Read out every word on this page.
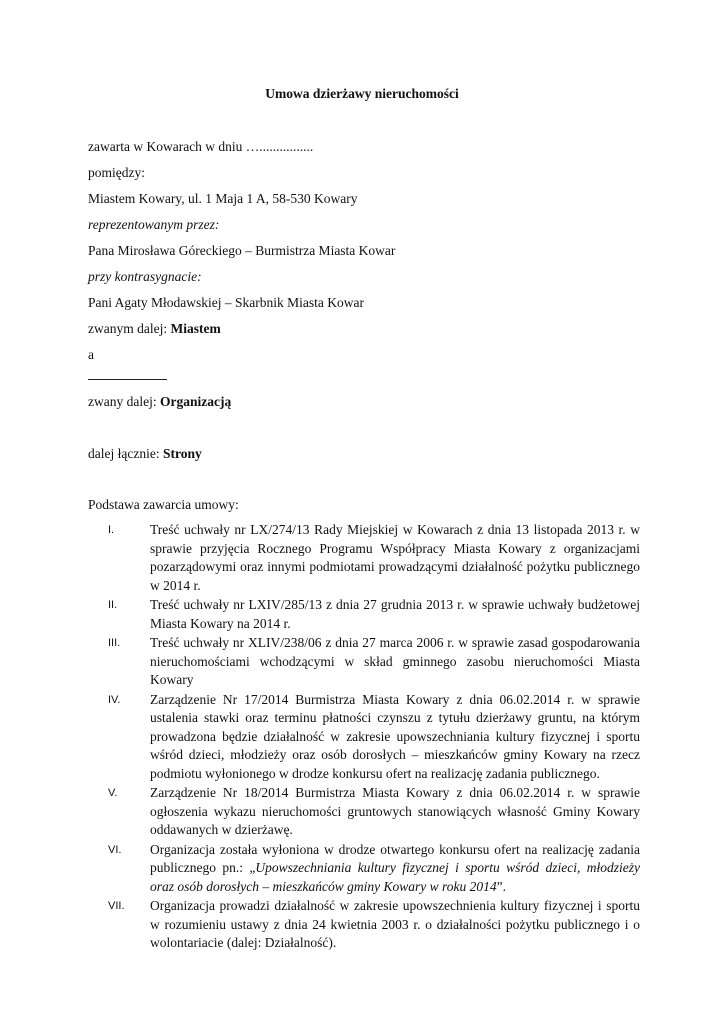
Umowa dzierżawy nieruchomości
zawarta w Kowarach w dniu …................
pomiędzy:
Miastem Kowary, ul. 1 Maja 1 A, 58-530 Kowary
reprezentowanym przez:
Pana Mirosława Góreckiego – Burmistrza Miasta Kowar
przy kontrasygnacie:
Pani Agaty Młodawskiej – Skarbnik Miasta Kowar
zwanym dalej: Miastem
a
zwany dalej: Organizacją
dalej łącznie: Strony
Podstawa zawarcia umowy:
I.	Treść uchwały nr LX/274/13 Rady Miejskiej w Kowarach z dnia 13 listopada 2013 r. w sprawie przyjęcia Rocznego Programu Współpracy Miasta Kowary z organizacjami pozarządowymi oraz innymi podmiotami prowadzącymi działalność pożytku publicznego w 2014 r.
II. Treść uchwały nr LXIV/285/13 z dnia 27 grudnia 2013 r. w sprawie uchwały budżetowej Miasta Kowary na 2014 r.
III. Treść uchwały nr XLIV/238/06 z dnia 27 marca 2006 r. w sprawie zasad gospodarowania nieruchomościami wchodzącymi w skład gminnego zasobu nieruchomości Miasta Kowary
IV. Zarządzenie Nr 17/2014 Burmistrza Miasta Kowary z dnia 06.02.2014 r. w sprawie ustalenia stawki oraz terminu płatności czynszu z tytułu dzierżawy gruntu, na którym prowadzona będzie działalność w zakresie upowszechniania kultury fizycznej i sportu wśród dzieci, młodzieży oraz osób dorosłych – mieszkańców gminy Kowary na rzecz podmiotu wyłonionego w drodze konkursu ofert na realizację zadania publicznego.
V. Zarządzenie Nr 18/2014 Burmistrza Miasta Kowary z dnia 06.02.2014 r. w sprawie ogłoszenia wykazu nieruchomości gruntowych stanowiących własność Gminy Kowary oddawanych w dzierżawę.
VI. Organizacja została wyłoniona w drodze otwartego konkursu ofert na realizację zadania publicznego pn.: „Upowszechniania kultury fizycznej i sportu wśród dzieci, młodzieży oraz osób dorosłych – mieszkańców gminy Kowary w roku 2014”.
VII. Organizacja prowadzi działalność w zakresie upowszechnienia kultury fizycznej i sportu w rozumieniu ustawy z dnia 24 kwietnia 2003 r. o działalności pożytku publicznego i o wolontariacie (dalej: Działalność).
